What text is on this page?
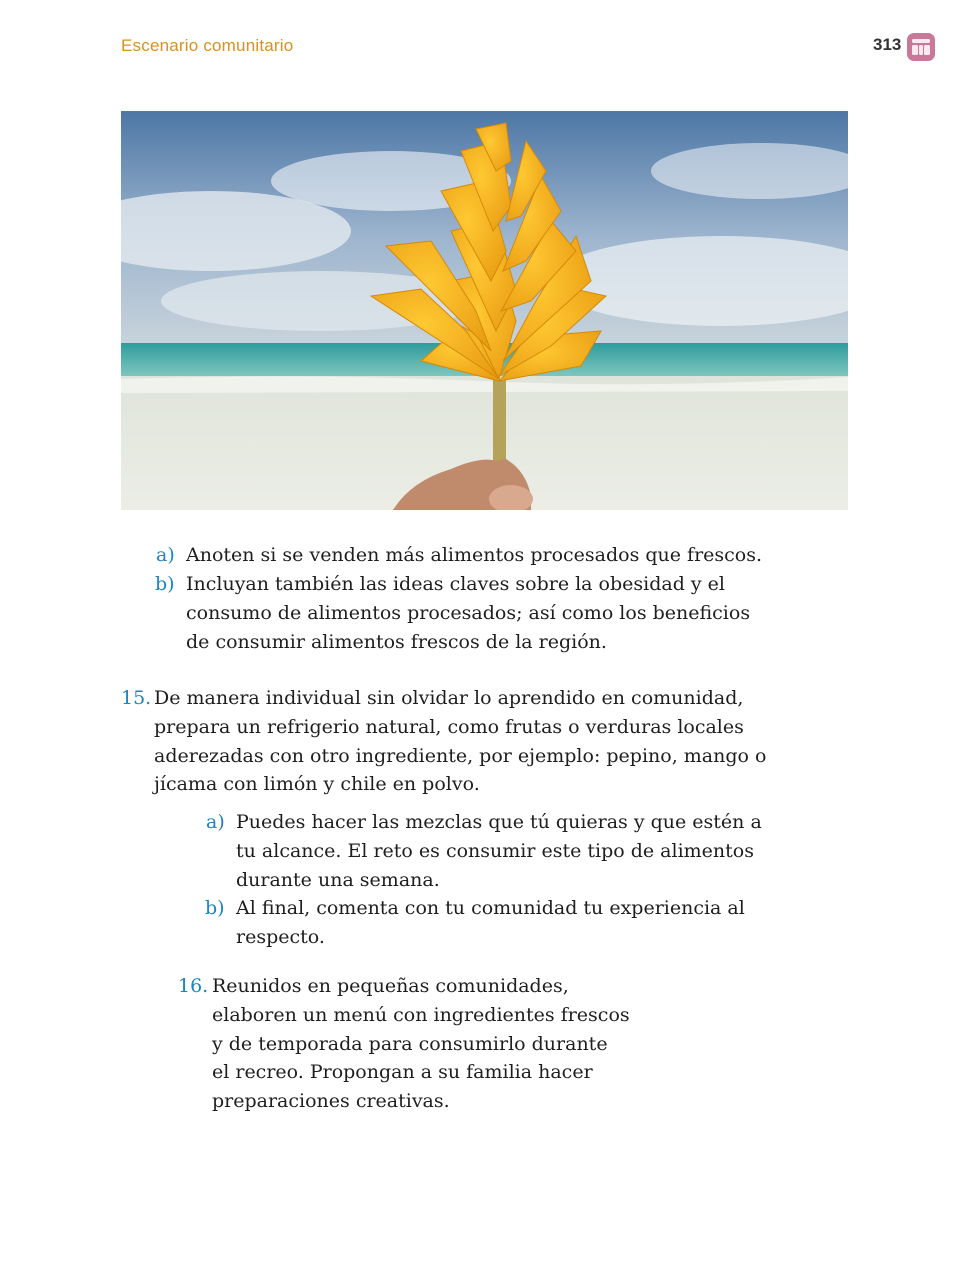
Escenario comunitario	313
a) Anoten si se venden más alimentos procesados que frescos.
b) Incluyan también las ideas claves sobre la obesidad y el
consumo de alimentos procesados; así como los beneficios
de consumir alimentos frescos de la región.
15. De manera individual sin olvidar lo aprendido en comunidad,
prepara un refrigerio natural, como frutas o verduras locales
aderezadas con otro ingrediente, por ejemplo: pepino, mango o
jícama con limón y chile en polvo.
a) Puedes hacer las mezclas que tú quieras y que estén a
tu alcance. El reto es consumir este tipo de alimentos
durante una semana.
b) Al final, comenta con tu comunidad tu experiencia al
respecto.
16. Reunidos en pequeñas comunidades,
elaboren un menú con ingredientes frescos
y de temporada para consumirlo durante
el recreo. Propongan a su familia hacer
preparaciones creativas.
